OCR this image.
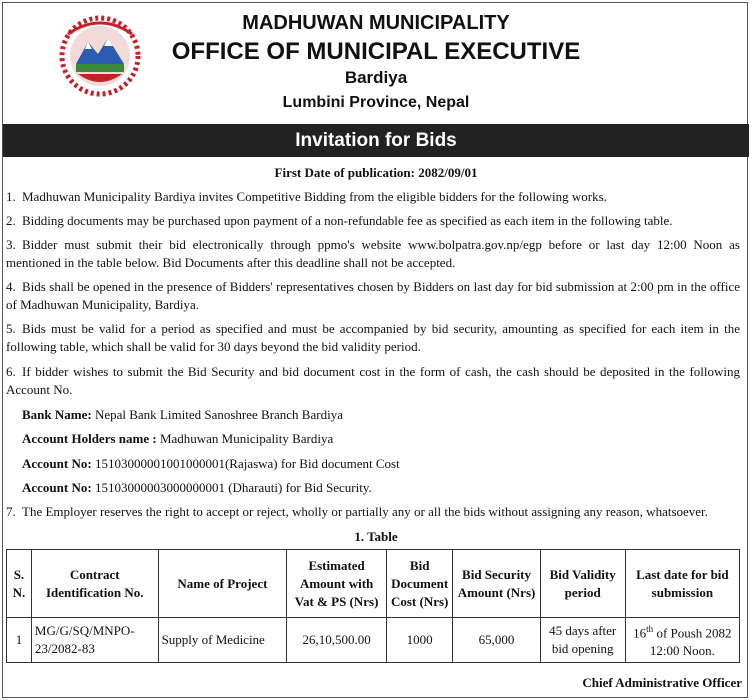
MADHUWAN MUNICIPALITY
OFFICE OF MUNICIPAL EXECUTIVE
Bardiya
Lumbini Province, Nepal
Invitation for Bids
First Date of publication: 2082/09/01
1. Madhuwan Municipality Bardiya invites Competitive Bidding from the eligible bidders for the following works.
2. Bidding documents may be purchased upon payment of a non-refundable fee as specified as each item in the following table.
3. Bidder must submit their bid electronically through ppmo's website www.bolpatra.gov.np/egp before or last day 12:00 Noon as mentioned in the table below. Bid Documents after this deadline shall not be accepted.
4. Bids shall be opened in the presence of Bidders' representatives chosen by Bidders on last day for bid submission at 2:00 pm in the office of Madhuwan Municipality, Bardiya.
5. Bids must be valid for a period as specified and must be accompanied by bid security, amounting as specified for each item in the following table, which shall be valid for 30 days beyond the bid validity period.
6. If bidder wishes to submit the Bid Security and bid document cost in the form of cash, the cash should be deposited in the following Account No.
Bank Name: Nepal Bank Limited Sanoshree Branch Bardiya
Account Holders name : Madhuwan Municipality Bardiya
Account No: 15103000001001000001(Rajaswa) for Bid document Cost
Account No: 15103000003000000001 (Dharauti) for Bid Security.
7. The Employer reserves the right to accept or reject, wholly or partially any or all the bids without assigning any reason, whatsoever.
1. Table
S. N.	Contract Identification No.	Name of Project	Estimated Amount with Vat & PS (Nrs)	Bid Document Cost (Nrs)	Bid Security Amount (Nrs)	Bid Validity period	Last date for bid submission
1	MG/G/SQ/MNPO-23/2082-83	Supply of Medicine	26,10,500.00	1000	65,000	45 days after bid opening	16th of Poush 2082 12:00 Noon.
Chief Administrative Officer
